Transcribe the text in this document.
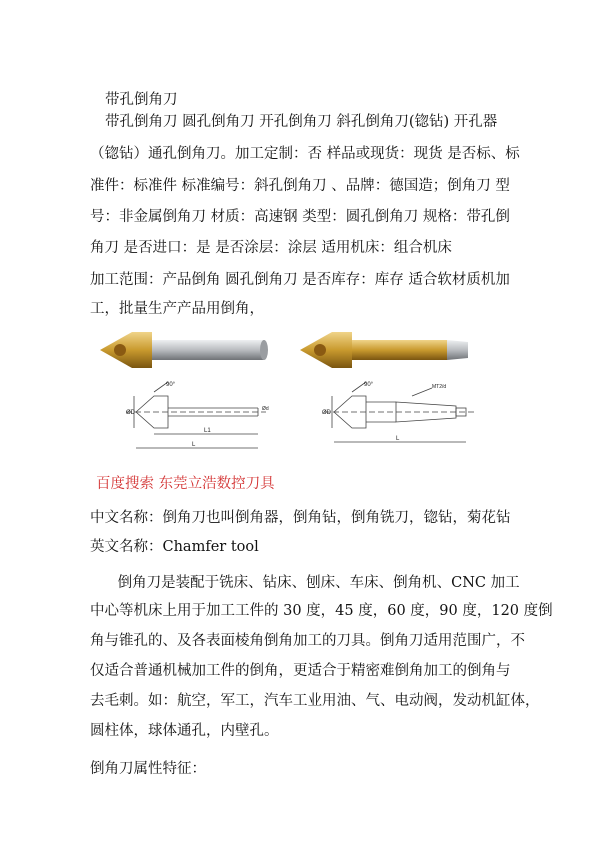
带孔倒角刀
带孔倒角刀 圆孔倒角刀 开孔倒角刀 斜孔倒角刀(锪钻) 开孔器
（锪钻）通孔倒角刀。加工定制：否 样品或现货：现货 是否标、标
准件：标准件 标准编号：斜孔倒角刀 、品牌：德国造；倒角刀 型
号：非金属倒角刀 材质：高速钢 类型：圆孔倒角刀 规格：带孔倒
角刀 是否进口：是 是否涂层：涂层 适用机床：组合机床
加工范围：产品倒角 圆孔倒角刀 是否库存：库存 适合软材质机加
工，批量生产产品用倒角，
90°
ØD
Ød
L1
L
90°
ØD
MT2/d
L
百度搜索 东莞立浩数控刀具
中文名称：倒角刀也叫倒角器，倒角钻，倒角铣刀，锪钻，菊花钻
英文名称：Chamfer tool
倒角刀是装配于铣床、钻床、刨床、车床、倒角机、CNC 加工
中心等机床上用于加工工件的 30 度，45 度，60 度，90 度，120 度倒
角与锥孔的、及各表面棱角倒角加工的刀具。倒角刀适用范围广，不
仅适合普通机械加工件的倒角，更适合于精密难倒角加工的倒角与
去毛刺。如：航空，军工，汽车工业用油、气、电动阀，发动机缸体，
圆柱体，球体通孔，内壁孔。
倒角刀属性特征：
